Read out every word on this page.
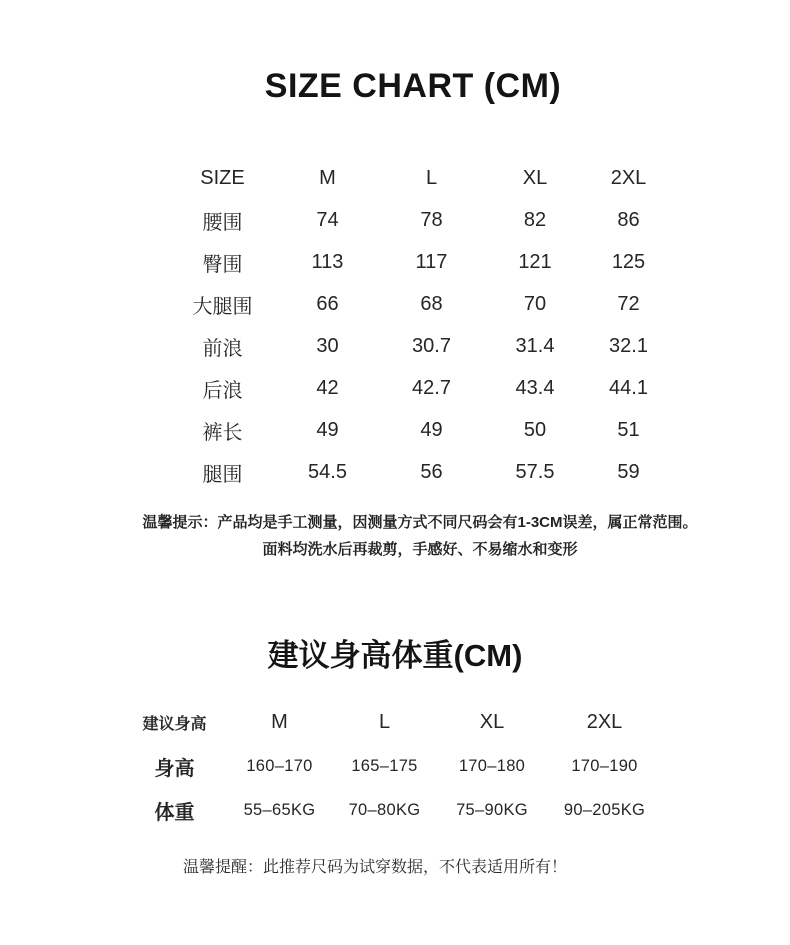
SIZE CHART (CM)
SIZE	M	L	XL	2XL
腰围	74	78	82	86
臀围	113	117	121	125
大腿围	66	68	70	72
前浪	30	30.7	31.4	32.1
后浪	42	42.7	43.4	44.1
裤长	49	49	50	51
腿围	54.5	56	57.5	59

温馨提示：产品均是手工测量，因测量方式不同尺码会有1-3CM误差，属正常范围。
面料均洗水后再裁剪，手感好、不易缩水和变形

建议身高体重(CM)
建议身高	M	L	XL	2XL
身高	160–170	165–175	170–180	170–190
体重	55–65KG	70–80KG	75–90KG	90–205KG

温馨提醒：此推荐尺码为试穿数据，不代表适用所有！
